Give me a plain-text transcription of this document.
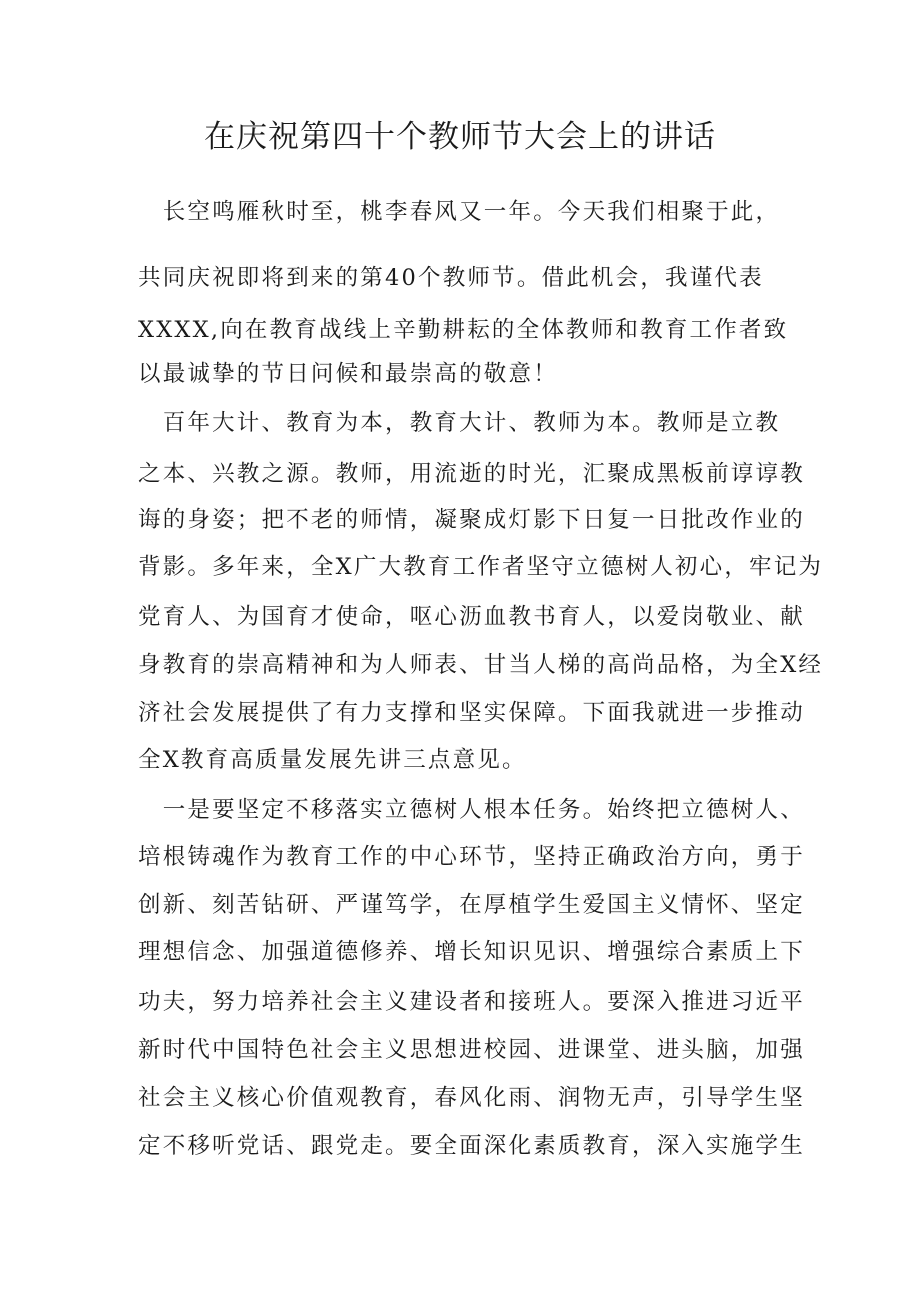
在庆祝第四十个教师节大会上的讲话

　长空鸣雁秋时至，桃李春风又一年。今天我们相聚于此，

共同庆祝即将到来的第40个教师节。借此机会，我谨代表

XXXX,向在教育战线上辛勤耕耘的全体教师和教育工作者致

以最诚挚的节日问候和最崇高的敬意！

　百年大计、教育为本，教育大计、教师为本。教师是立教

之本、兴教之源。教师，用流逝的时光，汇聚成黑板前谆谆教

诲的身姿；把不老的师情，凝聚成灯影下日复一日批改作业的

背影。多年来，全X广大教育工作者坚守立德树人初心，牢记为

党育人、为国育才使命，呕心沥血教书育人，以爱岗敬业、献

身教育的崇高精神和为人师表、甘当人梯的高尚品格，为全X经

济社会发展提供了有力支撑和坚实保障。下面我就进一步推动

全X教育高质量发展先讲三点意见。

　一是要坚定不移落实立德树人根本任务。始终把立德树人、

培根铸魂作为教育工作的中心环节，坚持正确政治方向，勇于

创新、刻苦钻研、严谨笃学，在厚植学生爱国主义情怀、坚定

理想信念、加强道德修养、增长知识见识、增强综合素质上下

功夫，努力培养社会主义建设者和接班人。要深入推进习近平

新时代中国特色社会主义思想进校园、进课堂、进头脑，加强

社会主义核心价值观教育，春风化雨、润物无声，引导学生坚

定不移听党话、跟党走。要全面深化素质教育，深入实施学生
